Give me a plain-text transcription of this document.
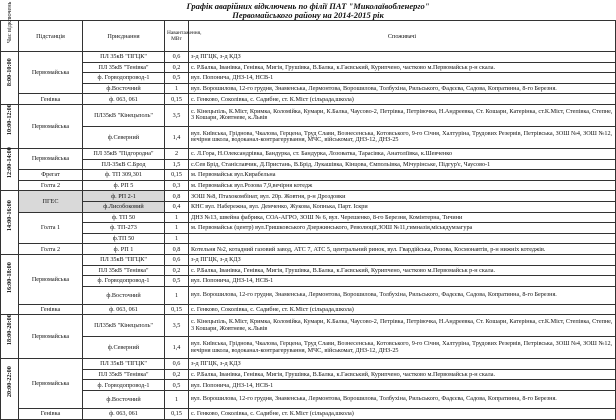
Графік аварійних відключень по філії ПАТ "Миколаївобленерго"
Первомайського району на 2014-2015 рік
Час відключень	Підстанція	Приєднання	Навантаження, МВт	Споживачі

8:00-10:00	Первомайська	ПЛ 35кВ "ПГЦК"	0,6	з-д ПГЦК, з-д КДЗ
		ПЛ 35кВ "Тенівка"	0,2	с. Р.Балка, Іванівка, Генівка, Мигія, Грушівка, В.Балка, к.Гаєвський, Курипчено, частково м.Первомайськ р-н скала.
		ф. Горводопровод-1	0,5	вул. Попонича, ДНЗ-14, НСВ-1
		ф.Восточний	1	вул. Ворошилова, 12-го грудня, Знаменська, Лермонтова, Ворошилова, Толбухіна, Рильського, Фадєєва, Садова, Копратинна, 8-го Березня.
	Генівка	ф. 063, 061	0,15	с. Генково, Соколівка, с. Садибне, ст. К.Міст (сільрада,школа)

10:00-12:00	Первомайська	ПЛ35кВ "Кінецьполь"	3,5	с. Кінецьпіль, К.Міст, Кримка, Коломійка, Кумари, К.Балка, Чаусово-2, Петрівка, Петрівочка, Н.Андреевка, Ст. Кошари, Катерінка, ст.К.Міст, Степівка, Степне, 3 Кошари, Жовтневе, к.Львів
		ф.Северний	1,4	вул. Київська, Гріднова, Чкалова, Герцена, Труд Слави, Вознесенська, Котовського, 9-го Січня, Халтуріна, Трудових Резервів, Петрівська, ЗОШ №4, ЗОШ №12, вечірня школа, водоканал-контрагерування, МЧС, військомат, ДНЗ-12, ДНЗ-25

12:00-14:00	Первомайська	ПЛ 35кВ "Підгородна"	2	с. Л.Гора, Н.Олександрівка, Бандурка, ст. Бандурка, Лозоватка, Тарасівка, Анатоліївка, к.Шевченко
		ПЛ-35кВ С.Брод	1,5	с.Сев Брід, Станіславчик, Д.Пристань, В.Брід, Лукашівка, Кінцова, Ємпольівка, Мічурінське, Підгур'є, Чаусово-1
	Фрегат	ф. ТП 309,301	0,15	м. Первомайськ вул.Кирабельна
	Голта 2	ф. РП 5	0,3	м. Первомайськ вул.Розова 7,9,вечірня котедж

14:00-16:00	ПГЕС	ф. РП 2-1	0,8	ЗОШ №8, Птахокомбінат, вул. 20р. Жовтня, р-н Дроздовки
		ф.Лисобоковий	0,4	КНС вул. Набережна, вул. Демченко, Жукова, Копнька, Парт. Іскри
	Голта 1	ф. ТП 50	1	ДНЗ №13, швейна фабрика, СОА-АГРО, ЗОШ № 6, вул. Черешенко, 8-го Березня, Комінтерна, Тичини
		ф. ТП-273	1	м. Первомайськ (центр) вул.Гришковського Дзержинського, Революції,ЗОШ №11,гимназія,міськдумзагура
		ф.ТП 50	1	
	Голта 2	ф. РП 1	0,8	Котельня №2, котадний газовий завод, АТС 7, АТС 5, центральний ринок, вул. Гвардійська, Розова, Космонавтів, р-н нижніх котеджів.

16:00-18:00	Первомайська	ПЛ 35кВ "ПГЦК"	0,6	з-д ПГЦК, з-д КДЗ
		ПЛ 35кВ "Тенівка"	0,2	с. Р.Балка, Іванівка, Генівка, Мигія, Грушівка, В.Балка, к.Гаєвський, Курипчено, частково м.Первомайськ р-н скала.
		ф. Горводопровод-1	0,5	вул. Попонича, ДНЗ-14, НСВ-1
		ф.Восточний	1	вул. Ворошилова, 12-го грудня, Знаменська, Лермонтова, Ворошилова, Толбухіна, Рильського, Фадєєва, Садова, Копратинна, 8-го Березня.
	Генівка	ф. 063, 061	0,15	с. Генково, Соколівка, с. Садибне, ст. К.Міст (сільрада,школа)

18:00-20:00	Первомайська	ПЛ35кВ "Кінецьполь"	3,5	с. Кінецьпіль, К.Міст, Кримка, Коломійка, Кумари, К.Балка, Чаусово-2, Петрівка, Петрівочка, Н.Андреевка, Ст. Кошари, Катерінка, ст.К.Міст, Степівка, Степне, 3 Кошари, Жовтневе, к.Львів
		ф.Северний	1,4	вул. Київська, Гріднова, Чкалова, Герцена, Труд Слави, Вознесенська, Котовського, 9-го Січня, Халтуріна, Трудових Резервів, Петрівська, ЗОШ №4, ЗОШ №12, вечірня школа, водоканал-контрагерування, МЧС, військомат, ДНЗ-12, ДНЗ-25

20:00-22:00	Первомайська	ПЛ 35кВ "ПГЦК"	0,6	з-д ПГЦК, з-д КДЗ
		ПЛ 35кВ "Тенівка"	0,2	с. Р.Балка, Іванівка, Генівка, Мигія, Грушівка, В.Балка, к.Гаєвський, Курипчено, частково м.Первомайськ р-н скала.
		ф. Горводопровод-1	0,5	вул. Попонича, ДНЗ-14, НСВ-1
		ф.Восточний	1	вул. Ворошилова, 12-го грудня, Знаменська, Лермонтова, Ворошилова, Толбухіна, Рильського, Фадєєва, Садова, Копратинна, 8-го Березня.
	Генівка	ф. 063, 061	0,15	с. Генково, Соколівка, с. Садибне, ст. К.Міст (сільрада,школа)
